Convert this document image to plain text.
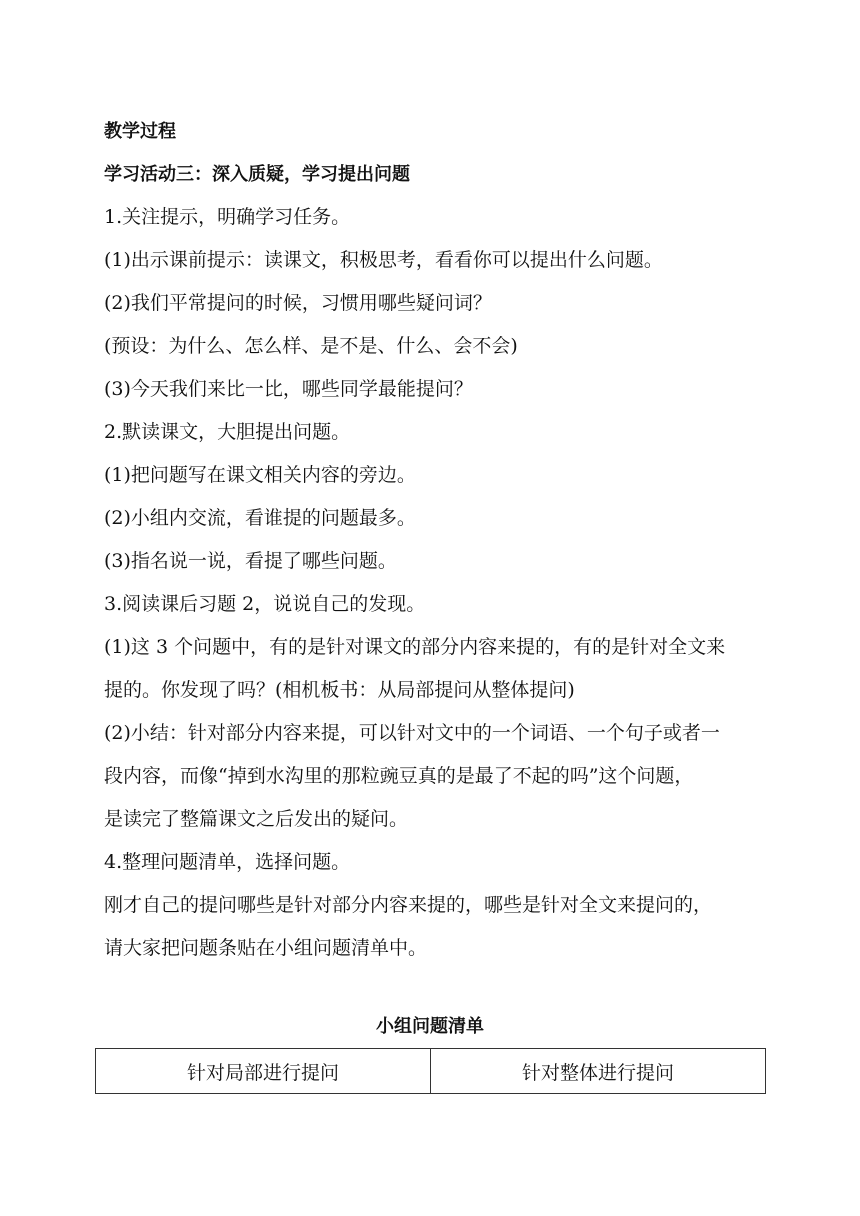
教学过程

学习活动三：深入质疑，学习提出问题

1.关注提示，明确学习任务。

(1)出示课前提示：读课文，积极思考，看看你可以提出什么问题。

(2)我们平常提问的时候，习惯用哪些疑问词？

(预设：为什么、怎么样、是不是、什么、会不会)

(3)今天我们来比一比，哪些同学最能提问？

2.默读课文，大胆提出问题。

(1)把问题写在课文相关内容的旁边。

(2)小组内交流，看谁提的问题最多。

(3)指名说一说，看提了哪些问题。

3.阅读课后习题 2，说说自己的发现。

(1)这 3 个问题中，有的是针对课文的部分内容来提的，有的是针对全文来

提的。你发现了吗？(相机板书：从局部提问从整体提问)

(2)小结：针对部分内容来提，可以针对文中的一个词语、一个句子或者一

段内容，而像“掉到水沟里的那粒豌豆真的是最了不起的吗”这个问题，

是读完了整篇课文之后发出的疑问。

4.整理问题清单，选择问题。

刚才自己的提问哪些是针对部分内容来提的，哪些是针对全文来提问的，

请大家把问题条贴在小组问题清单中。

小组问题清单
针对局部进行提问	针对整体进行提问
